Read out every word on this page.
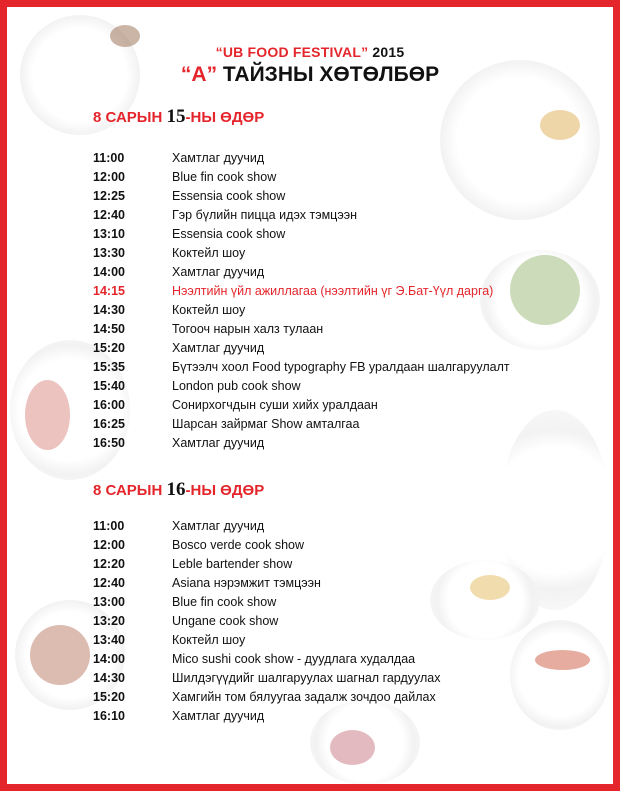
“UB FOOD FESTIVAL” 2015
“A” ТАЙЗНЫ ХӨТӨЛБӨР
8 САРЫН 15-НЫ ӨДӨР
11:00	Хамтлаг дуучид
12:00	Blue fin cook show
12:25	Essensia cook show
12:40	Гэр бүлийн пицца идэх тэмцээн
13:10	Essensia cook show
13:30	Коктейл шоу
14:00	Хамтлаг дуучид
14:15	Нээлтийн үйл ажиллагаа (нээлтийн үг Э.Бат-Үүл дарга)
14:30	Коктейл шоу
14:50	Тогооч нарын халз тулаан
15:20	Хамтлаг дуучид
15:35	Бүтээлч хоол Food typography FB уралдаан шалгаруулалт
15:40	London pub cook show
16:00	Сонирхогчдын суши хийх уралдаан
16:25	Шарсан зайрмаг Show амталгаа
16:50	Хамтлаг дуучид
8 САРЫН 16-НЫ ӨДӨР
11:00	Хамтлаг дуучид
12:00	Bosco verde cook show
12:20	Leble bartender show
12:40	Asiana нэрэмжит тэмцээн
13:00	Blue fin cook show
13:20	Ungane cook show
13:40	Коктейл шоу
14:00	Mico sushi cook show - дуудлага худалдаа
14:30	Шилдэгүүдийг шалгаруулах шагнал гардуулах
15:20	Хамгийн том бялуугаа задалж зочдоо дайлах
16:10	Хамтлаг дуучид
